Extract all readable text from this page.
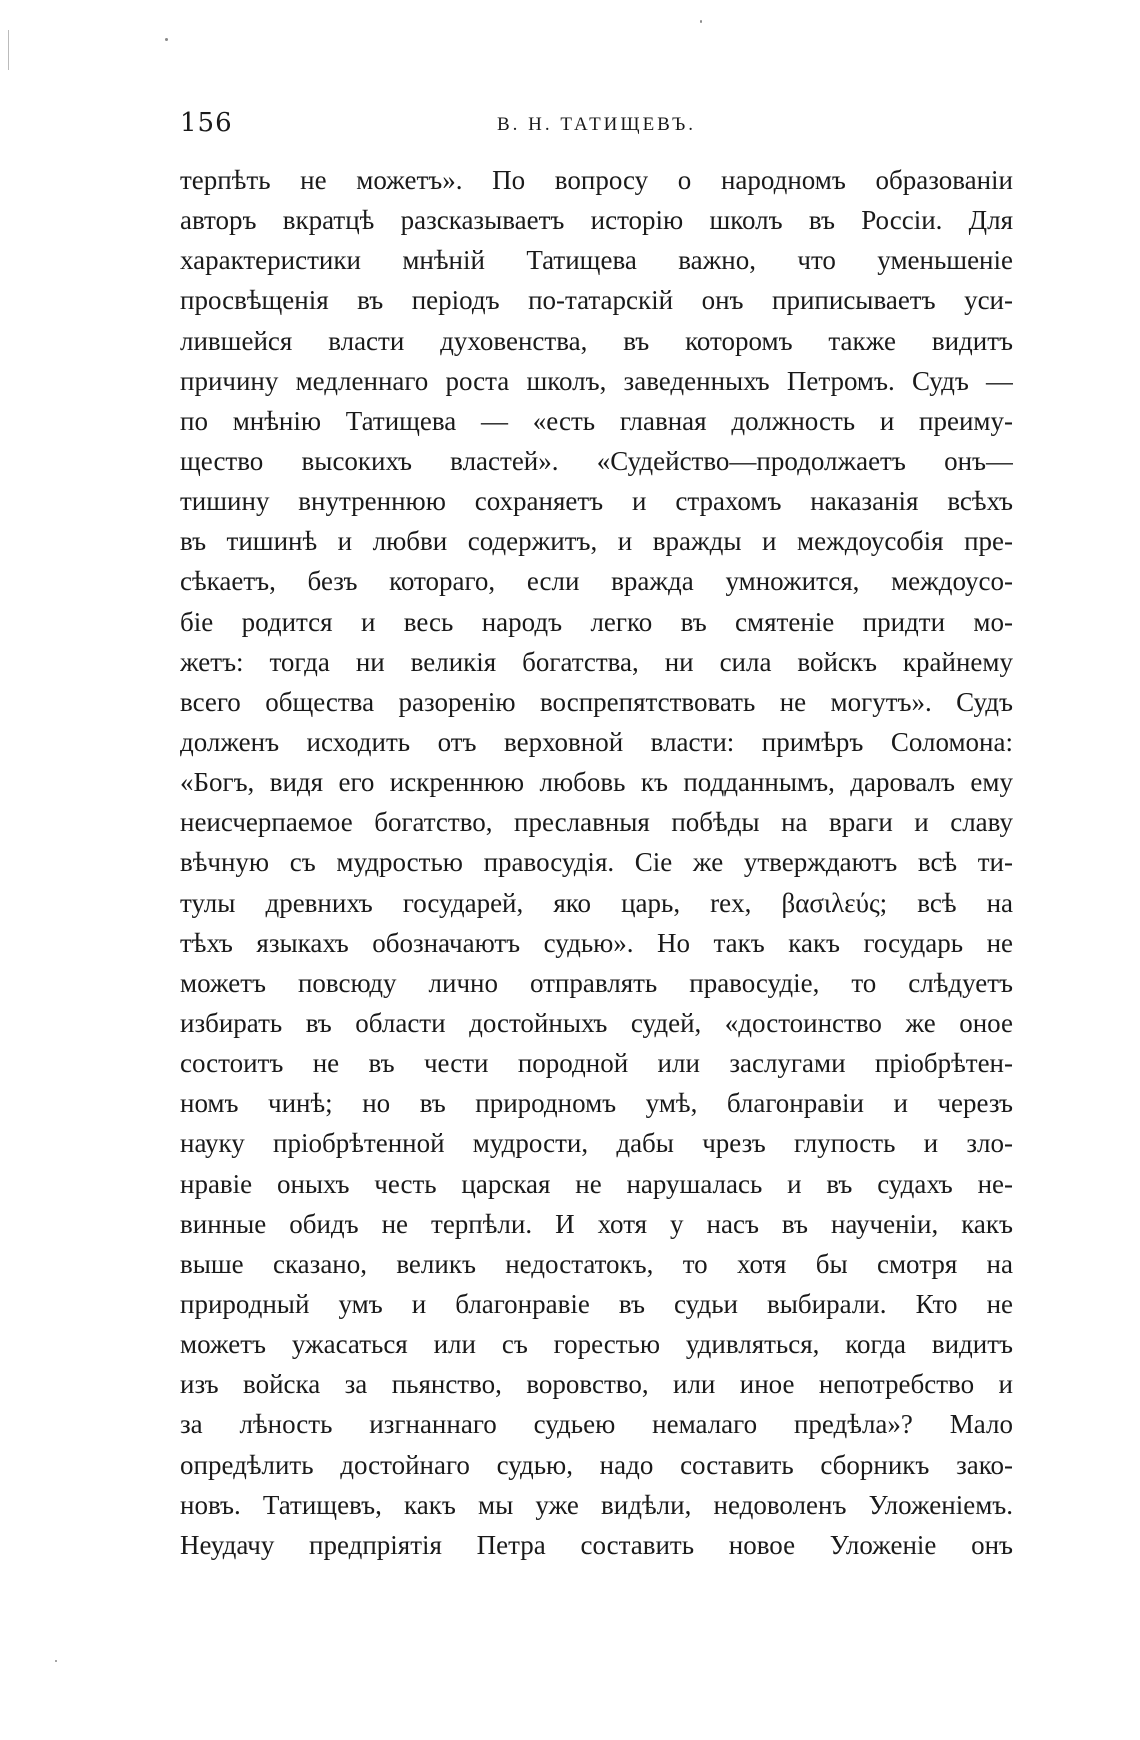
156	В. Н. ТАТИЩЕВЪ.
терпѣть не можетъ». По вопросу о народномъ образованіи
авторъ вкратцѣ разсказываетъ исторію школъ въ Россіи. Для
характеристики мнѣній Татищева важно, что уменьшеніе
просвѣщенія въ періодъ по-татарскій онъ приписываетъ уси-
лившейся власти духовенства, въ которомъ также видитъ
причину медленнаго роста школъ, заведенныхъ Петромъ. Судъ —
по мнѣнію Татищева — «есть главная должность и преиму-
щество высокихъ властей». «Судейство—продолжаетъ онъ—
тишину внутреннюю сохраняетъ и страхомъ наказанія всѣхъ
въ тишинѣ и любви содержитъ, и вражды и междоусобія пре-
сѣкаетъ, безъ котораго, если вражда умножится, междоусо-
біе родится и весь народъ легко въ смятеніе придти мо-
жетъ: тогда ни великія богатства, ни сила войскъ крайнему
всего общества разоренію воспрепятствовать не могутъ». Судъ
долженъ исходить отъ верховной власти: примѣръ Соломона:
«Богъ, видя его искреннюю любовь къ подданнымъ, даровалъ ему
неисчерпаемое богатство, преславныя побѣды на враги и славу
вѣчную съ мудростью правосудія. Сіе же утверждаютъ всѣ ти-
тулы древнихъ государей, яко царь, rex, βασιλεύς; всѣ на
тѣхъ языкахъ обозначаютъ судью». Но такъ какъ государь не
можетъ повсюду лично отправлять правосудіе, то слѣдуетъ
избирать въ области достойныхъ судей, «достоинство же оное
состоитъ не въ чести породной или заслугами пріобрѣтен-
номъ чинѣ; но въ природномъ умѣ, благонравіи и черезъ
науку пріобрѣтенной мудрости, дабы чрезъ глупость и зло-
нравіе оныхъ честь царская не нарушалась и въ судахъ не-
винные обидъ не терпѣли. И хотя у насъ въ наученіи, какъ
выше сказано, великъ недостатокъ, то хотя бы смотря на
природный умъ и благонравіе въ судьи выбирали. Кто не
можетъ ужасаться или съ горестью удивляться, когда видитъ
изъ войска за пьянство, воровство, или иное непотребство и
за лѣность изгнаннаго судьею немалаго предѣла»? Мало
опредѣлить достойнаго судью, надо составить сборникъ зако-
новъ. Татищевъ, какъ мы уже видѣли, недоволенъ Уложеніемъ.
Неудачу предпріятія Петра составить новое Уложеніе онъ
